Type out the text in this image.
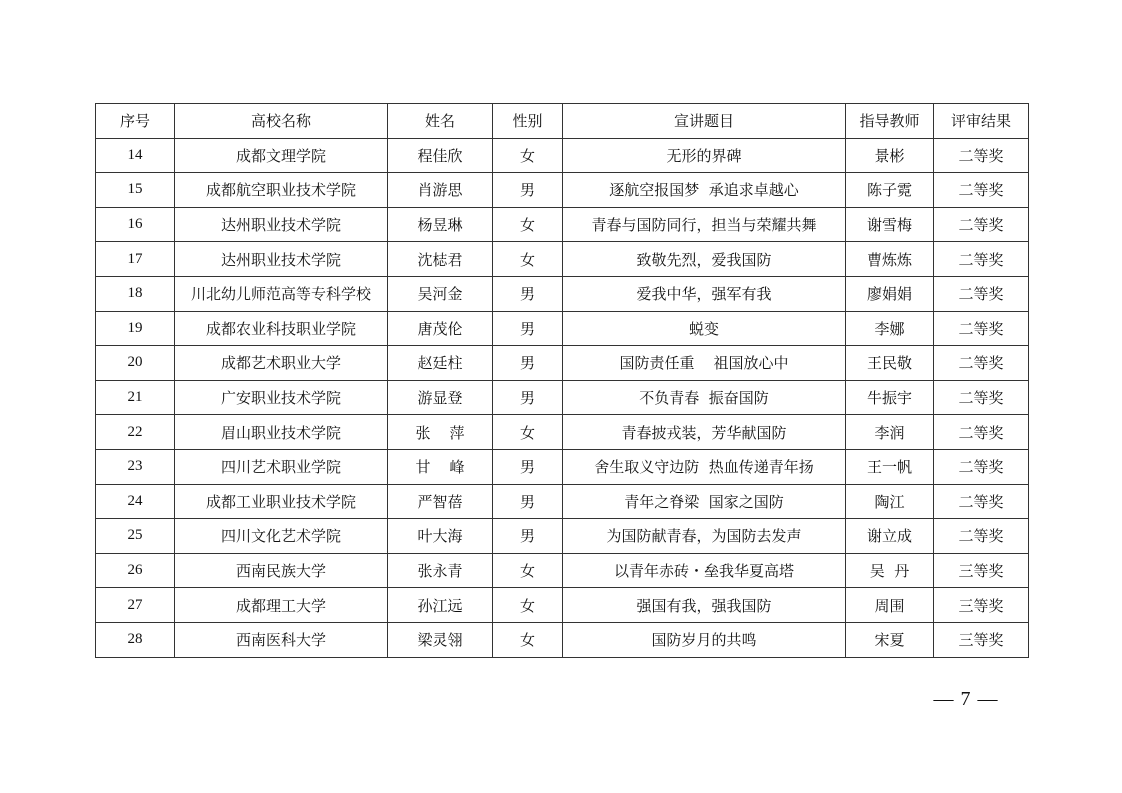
序号	高校名称	姓名	性别	宣讲题目	指导教师	评审结果
14	成都文理学院	程佳欣	女	无形的界碑	景彬	二等奖
15	成都航空职业技术学院	肖游思	男	逐航空报国梦  承追求卓越心	陈子霓	二等奖
16	达州职业技术学院	杨昱琳	女	青春与国防同行，担当与荣耀共舞	谢雪梅	二等奖
17	达州职业技术学院	沈梽君	女	致敬先烈，爱我国防	曹炼炼	二等奖
18	川北幼儿师范高等专科学校	吴河金	男	爱我中华，强军有我	廖娟娟	二等奖
19	成都农业科技职业学院	唐茂伦	男	蜕变	李娜	二等奖
20	成都艺术职业大学	赵廷柱	男	国防责任重    祖国放心中	王民敬	二等奖
21	广安职业技术学院	游显登	男	不负青春  振奋国防	牛振宇	二等奖
22	眉山职业技术学院	张    萍	女	青春披戎装，芳华献国防	李润	二等奖
23	四川艺术职业学院	甘    峰	男	舍生取义守边防  热血传递青年扬	王一帆	二等奖
24	成都工业职业技术学院	严智蓓	男	青年之脊梁  国家之国防	陶江	二等奖
25	四川文化艺术学院	叶大海	男	为国防献青春，为国防去发声	谢立成	二等奖
26	西南民族大学	张永青	女	以青年赤砖・垒我华夏高塔	吴  丹	三等奖
27	成都理工大学	孙江远	女	强国有我，强我国防	周围	三等奖
28	西南医科大学	梁灵翎	女	国防岁月的共鸣	宋夏	三等奖
— 7 —
